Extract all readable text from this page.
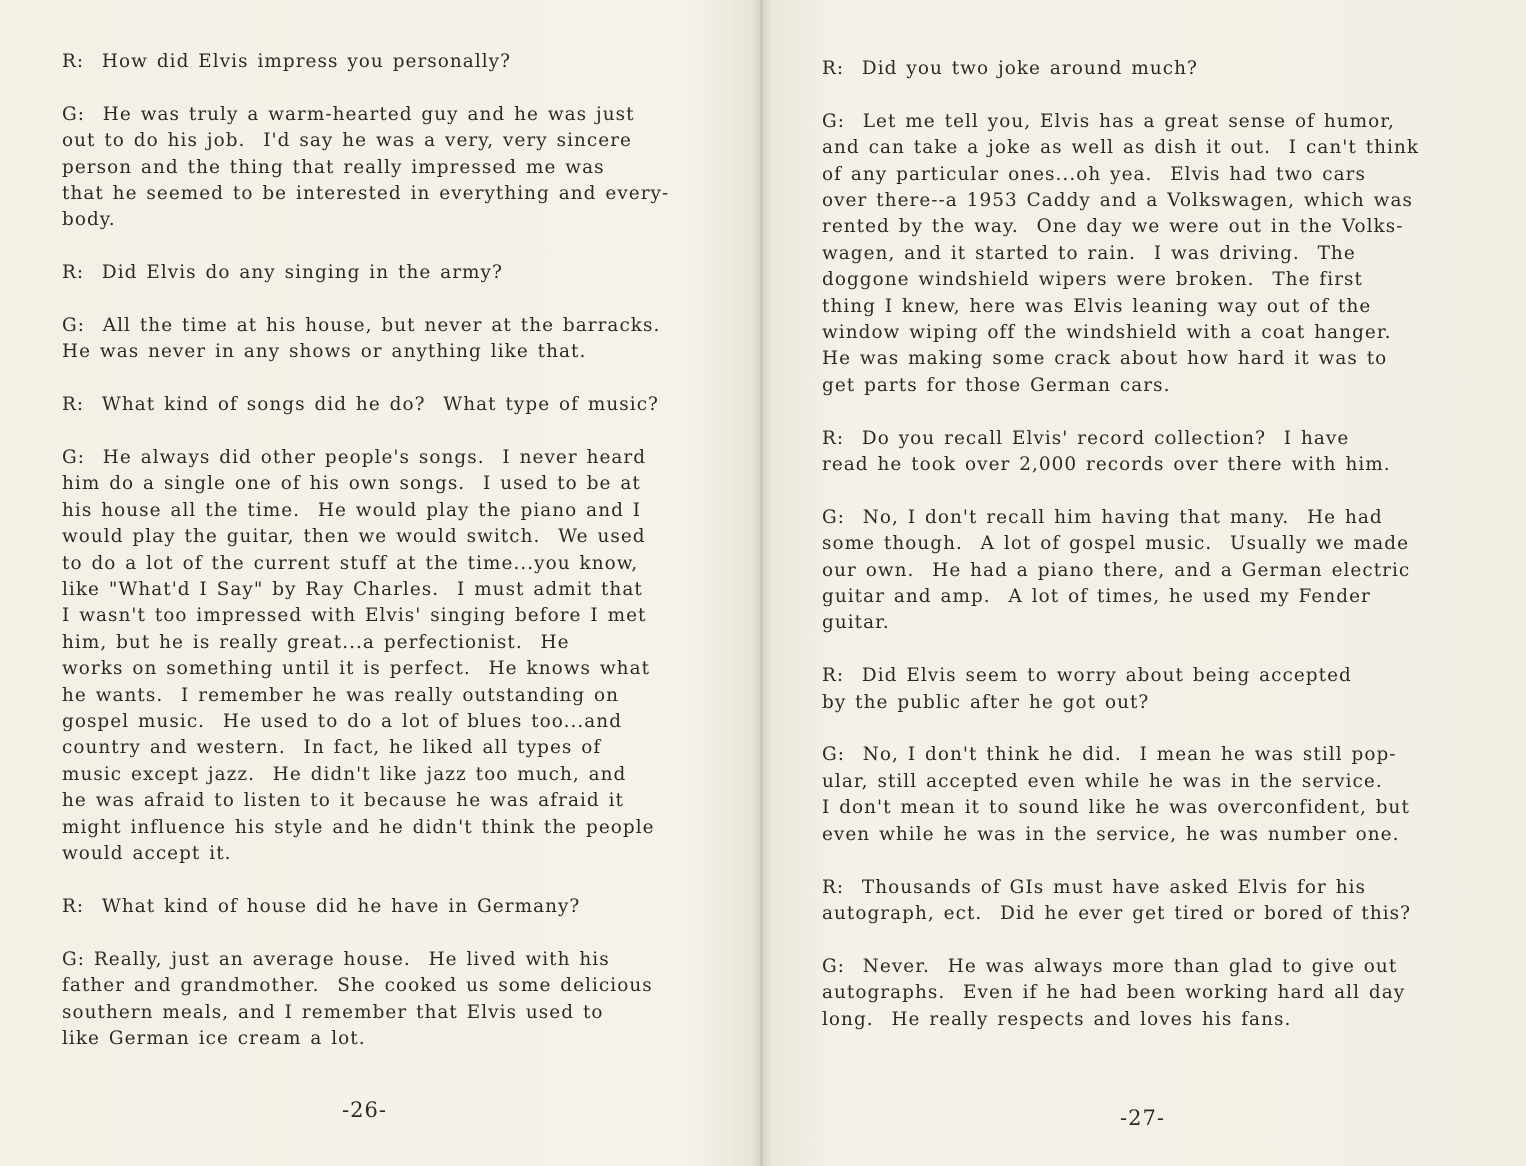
R:  How did Elvis impress you personally?
G:  He was truly a warm-hearted guy and he was just
out to do his job.  I'd say he was a very, very sincere
person and the thing that really impressed me was
that he seemed to be interested in everything and every-
body.
R:  Did Elvis do any singing in the army?
G:  All the time at his house, but never at the barracks.
He was never in any shows or anything like that.
R:  What kind of songs did he do?  What type of music?
G:  He always did other people's songs.  I never heard
him do a single one of his own songs.  I used to be at
his house all the time.  He would play the piano and I
would play the guitar, then we would switch.  We used
to do a lot of the current stuff at the time...you know,
like "What'd I Say" by Ray Charles.  I must admit that
I wasn't too impressed with Elvis' singing before I met
him, but he is really great...a perfectionist.  He
works on something until it is perfect.  He knows what
he wants.  I remember he was really outstanding on
gospel music.  He used to do a lot of blues too...and
country and western.  In fact, he liked all types of
music except jazz.  He didn't like jazz too much, and
he was afraid to listen to it because he was afraid it
might influence his style and he didn't think the people
would accept it.
R:  What kind of house did he have in Germany?
G: Really, just an average house.  He lived with his
father and grandmother.  She cooked us some delicious
southern meals, and I remember that Elvis used to
like German ice cream a lot.
-26-
R:  Did you two joke around much?
G:  Let me tell you, Elvis has a great sense of humor,
and can take a joke as well as dish it out.  I can't think
of any particular ones...oh yea.  Elvis had two cars
over there--a 1953 Caddy and a Volkswagen, which was
rented by the way.  One day we were out in the Volks-
wagen, and it started to rain.  I was driving.  The
doggone windshield wipers were broken.  The first
thing I knew, here was Elvis leaning way out of the
window wiping off the windshield with a coat hanger.
He was making some crack about how hard it was to
get parts for those German cars.
R:  Do you recall Elvis' record collection?  I have
read he took over 2,000 records over there with him.
G:  No, I don't recall him having that many.  He had
some though.  A lot of gospel music.  Usually we made
our own.  He had a piano there, and a German electric
guitar and amp.  A lot of times, he used my Fender
guitar.
R:  Did Elvis seem to worry about being accepted
by the public after he got out?
G:  No, I don't think he did.  I mean he was still pop-
ular, still accepted even while he was in the service.
I don't mean it to sound like he was overconfident, but
even while he was in the service, he was number one.
R:  Thousands of GIs must have asked Elvis for his
autograph, ect.  Did he ever get tired or bored of this?
G:  Never.  He was always more than glad to give out
autographs.  Even if he had been working hard all day
long.  He really respects and loves his fans.
-27-
